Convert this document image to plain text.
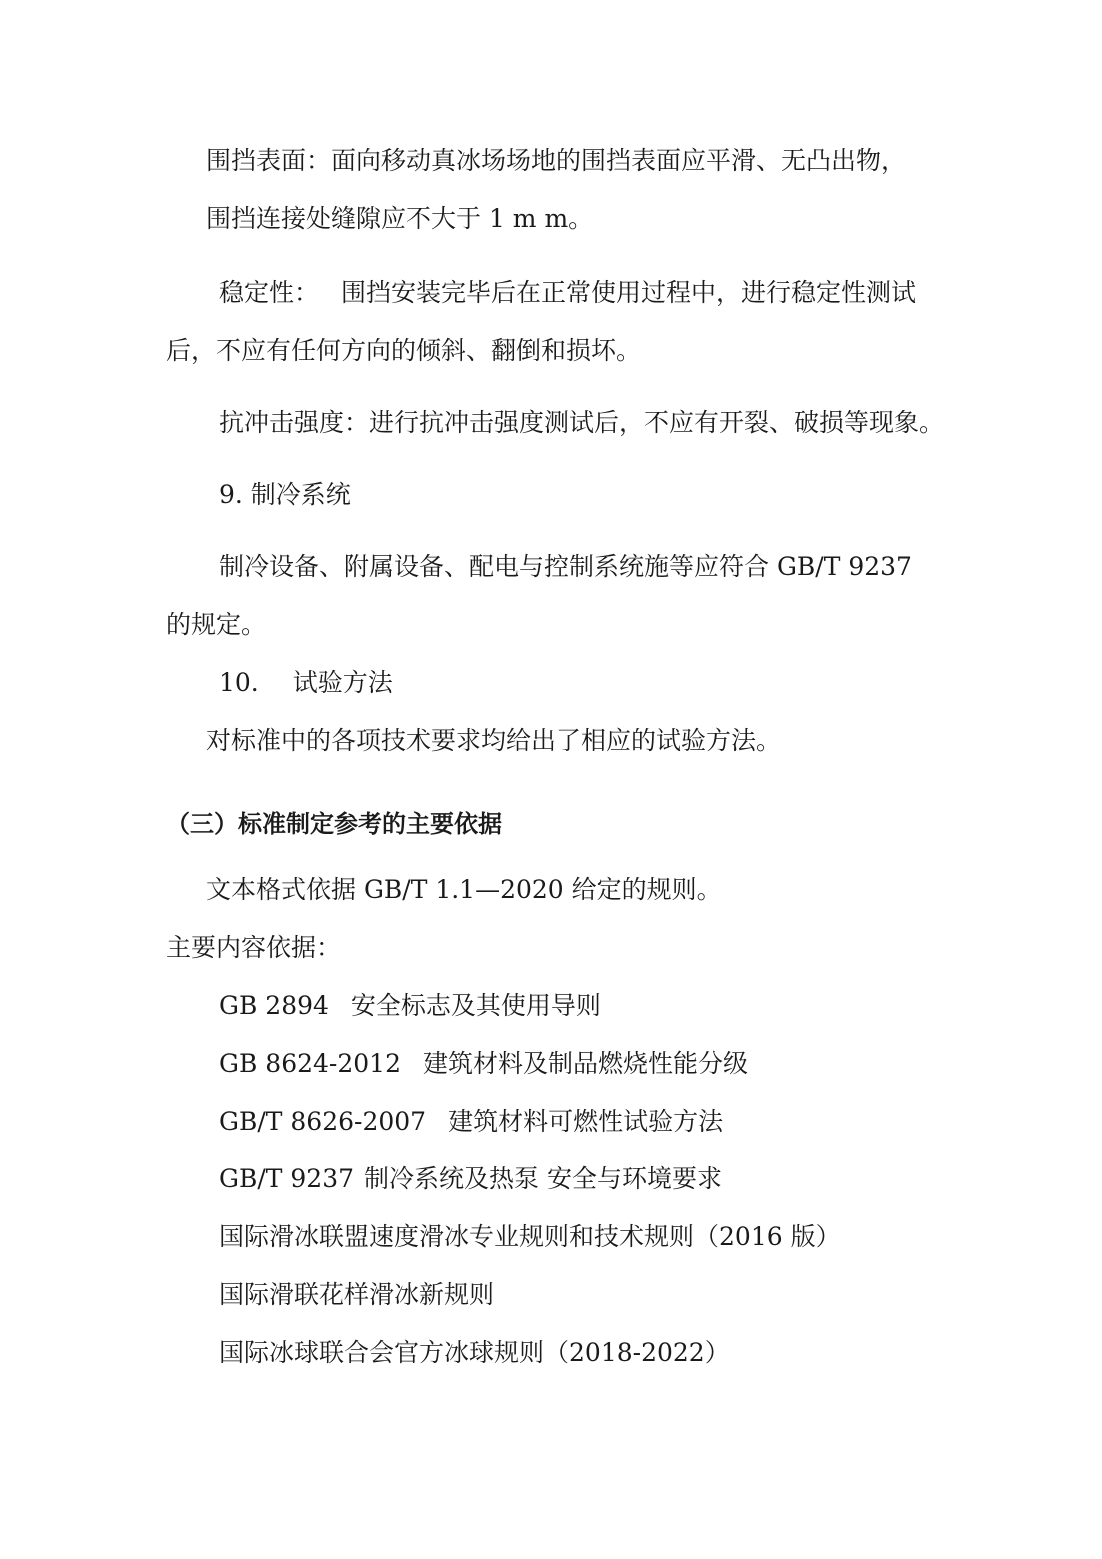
围挡表面：面向移动真冰场场地的围挡表面应平滑、无凸出物，
围挡连接处缝隙应不大于 1 m m。
稳定性： 围挡安装完毕后在正常使用过程中，进行稳定性测试
后，不应有任何方向的倾斜、翻倒和损坏。
抗冲击强度：进行抗冲击强度测试后，不应有开裂、破损等现象。
9. 制冷系统
制冷设备、附属设备、配电与控制系统施等应符合 GB/T 9237
的规定。
10. 试验方法
对标准中的各项技术要求均给出了相应的试验方法。
（三）标准制定参考的主要依据
文本格式依据 GB/T 1.1—2020 给定的规则。
主要内容依据：
GB 2894 安全标志及其使用导则
GB 8624-2012 建筑材料及制品燃烧性能分级
GB/T 8626-2007 建筑材料可燃性试验方法
GB/T 9237 制冷系统及热泵 安全与环境要求
国际滑冰联盟速度滑冰专业规则和技术规则（2016 版）
国际滑联花样滑冰新规则
国际冰球联合会官方冰球规则（2018-2022）
